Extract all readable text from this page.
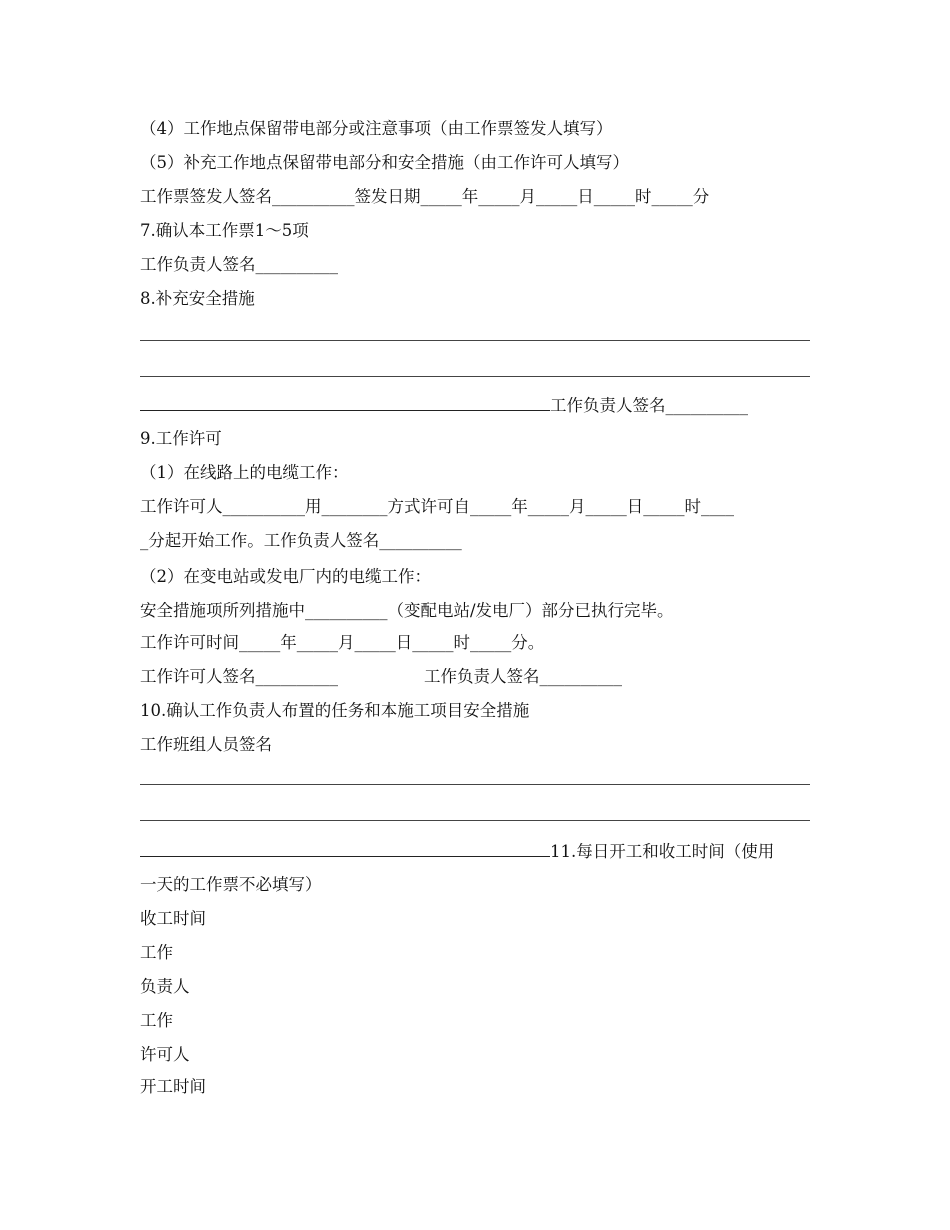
（4）工作地点保留带电部分或注意事项（由工作票签发人填写）
（5）补充工作地点保留带电部分和安全措施（由工作许可人填写）
工作票签发人签名__________签发日期_____年_____月_____日_____时_____分
7.确认本工作票1～5项
工作负责人签名__________
8.补充安全措施
工作负责人签名__________
9.工作许可
（1）在线路上的电缆工作：
工作许可人__________用________方式许可自_____年_____月_____日_____时____
_分起开始工作。工作负责人签名__________
（2）在变电站或发电厂内的电缆工作：
安全措施项所列措施中__________（变配电站/发电厂）部分已执行完毕。
工作许可时间_____年_____月_____日_____时_____分。
工作许可人签名__________	工作负责人签名__________
10.确认工作负责人布置的任务和本施工项目安全措施
工作班组人员签名
11.每日开工和收工时间（使用
一天的工作票不必填写）
收工时间
工作
负责人
工作
许可人
开工时间
